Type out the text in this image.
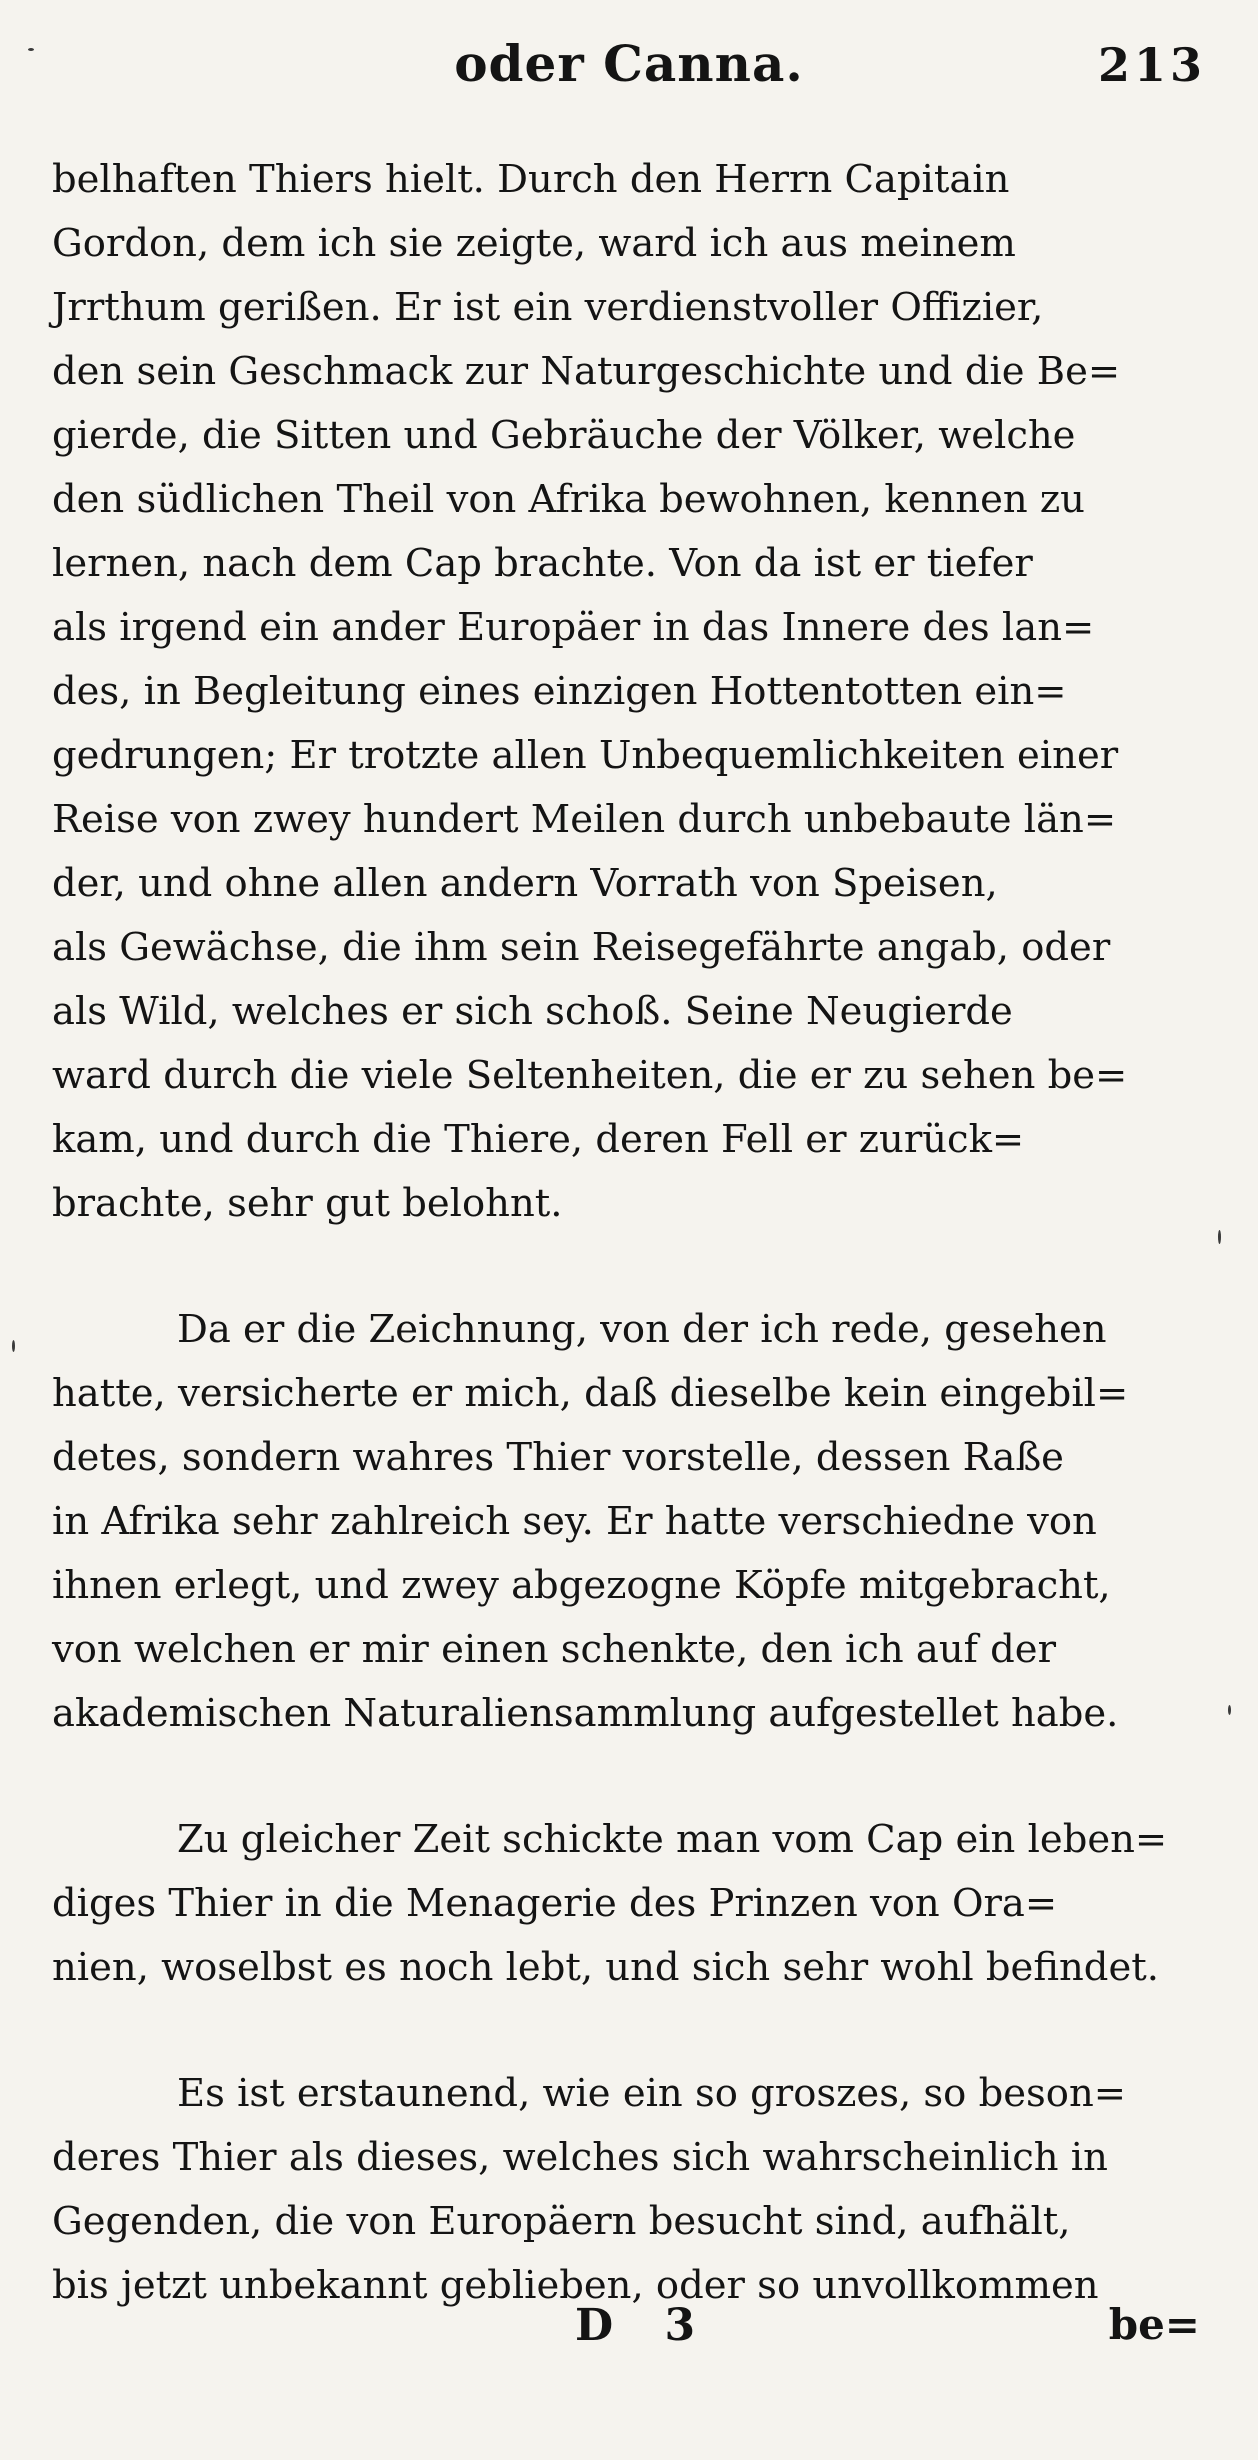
oder Canna.	213
belhaften Thiers hielt. Durch den Herrn Capitain
Gordon, dem ich sie zeigte, ward ich aus meinem
Jrrthum gerißen. Er ist ein verdienstvoller Offizier,
den sein Geschmack zur Naturgeschichte und die Be=
gierde, die Sitten und Gebräuche der Völker, welche
den südlichen Theil von Afrika bewohnen, kennen zu
lernen, nach dem Cap brachte. Von da ist er tiefer
als irgend ein ander Europäer in das Innere des lan=
des, in Begleitung eines einzigen Hottentotten ein=
gedrungen; Er trotzte allen Unbequemlichkeiten einer
Reise von zwey hundert Meilen durch unbebaute län=
der, und ohne allen andern Vorrath von Speisen,
als Gewächse, die ihm sein Reisegefährte angab, oder
als Wild, welches er sich schoß. Seine Neugierde
ward durch die viele Seltenheiten, die er zu sehen be=
kam, und durch die Thiere, deren Fell er zurück=
brachte, sehr gut belohnt.
Da er die Zeichnung, von der ich rede, gesehen
hatte, versicherte er mich, daß dieselbe kein eingebil=
detes, sondern wahres Thier vorstelle, dessen Raße
in Afrika sehr zahlreich sey. Er hatte verschiedne von
ihnen erlegt, und zwey abgezogne Köpfe mitgebracht,
von welchen er mir einen schenkte, den ich auf der
akademischen Naturaliensammlung aufgestellet habe.
Zu gleicher Zeit schickte man vom Cap ein leben=
diges Thier in die Menagerie des Prinzen von Ora=
nien, woselbst es noch lebt, und sich sehr wohl befindet.
Es ist erstaunend, wie ein so groszes, so beson=
deres Thier als dieses, welches sich wahrscheinlich in
Gegenden, die von Europäern besucht sind, aufhält,
bis jetzt unbekannt geblieben, oder so unvollkommen
D 3	be=
